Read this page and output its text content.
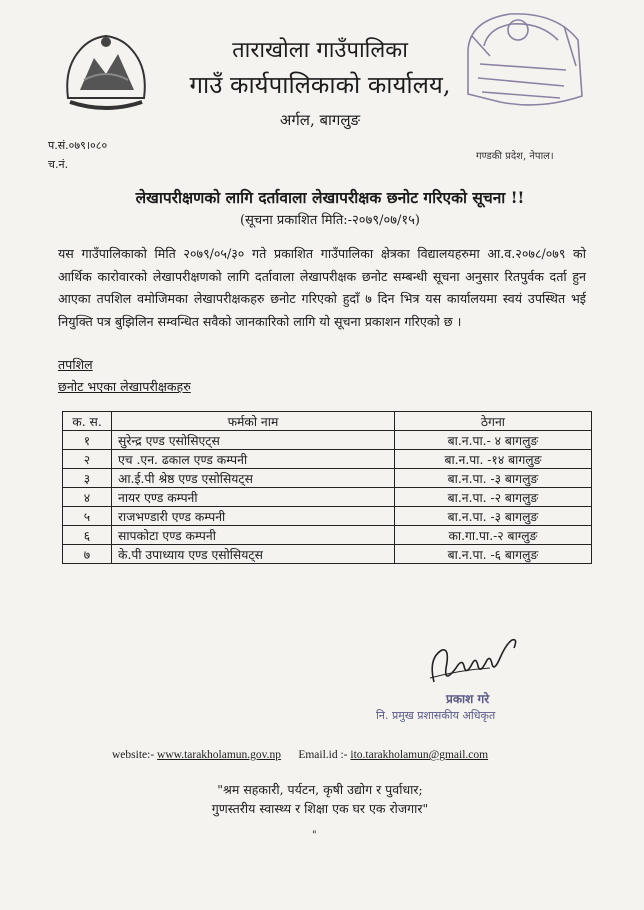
ताराखोला गाउँपालिका
गाउँ कार्यपालिकाको कार्यालय,
अर्गल, बागलुङ
प.सं.०७९।०८०
च.नं.
गण्डकी प्रदेश, नेपाल।
लेखापरीक्षणको लागि दर्तावाला लेखापरीक्षक छनोट गरिएको सूचना !!
(सूचना प्रकाशित मिति:-२०७९/०७/१५)
यस गाउँपालिकाको मिति २०७९/०५/३० गते प्रकाशित गाउँपालिका क्षेत्रका विद्यालयहरुमा आ.व.२०७८/०७९ को आर्थिक कारोवारको लेखापरीक्षणको लागि दर्तावाला लेखापरीक्षक छनोट सम्बन्धी सूचना अनुसार रितपुर्वक दर्ता हुन आएका तपशिल वमोजिमका लेखापरीक्षकहरु छनोट गरिएको हुदाँ ७ दिन भित्र यस कार्यालयमा स्वयं उपस्थित भई नियुक्ति पत्र बुझिलिन सम्वन्धित सवैको जानकारिको लागि यो सूचना प्रकाशन गरिएको छ ।
तपशिल
छनोट भएका लेखापरीक्षकहरु
क. स.	फर्मको नाम	ठेगना
१	सुरेन्द्र एण्ड एसोसिएट्स	बा.न.पा.- ४ बागलुङ
२	एच .एन. ढकाल एण्ड कम्पनी	बा.न.पा. -१४ बागलुङ
३	आ.ई.पी श्रेष्ठ एण्ड एसोसियट्स	बा.न.पा. -३ बागलुङ
४	नायर एण्ड कम्पनी	बा.न.पा. -२ बागलुङ
५	राजभण्डारी एण्ड कम्पनी	बा.न.पा. -३ बागलुङ
६	सापकोटा एण्ड कम्पनी	का.गा.पा.-२ बाग्लुङ
७	के.पी उपाध्याय एण्ड एसोसियट्स	बा.न.पा. -६ बागलुङ
प्रकाश गरे
नि. प्रमुख प्रशासकीय अधिकृत
website:- www.tarakholamun.gov.np Email.id :- ito.tarakholamun@gmail.com
"श्रम सहकारी, पर्यटन, कृषी उद्योग र पुर्वाधार;
गुणस्तरीय स्वास्थ्य र शिक्षा एक घर एक रोजगार"
"
